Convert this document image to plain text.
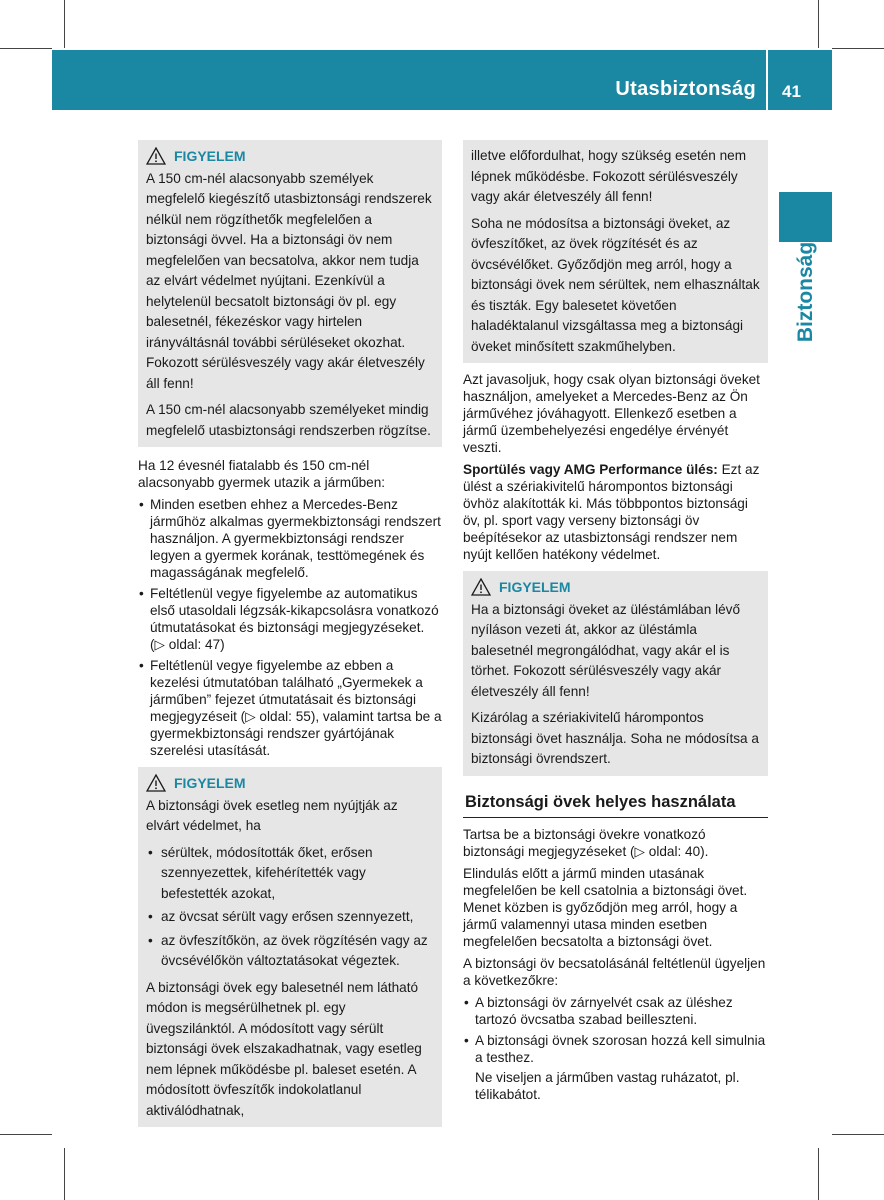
Utasbiztonság 41
Biztonság
FIGYELEM

A 150 cm-nél alacsonyabb személyek megfelelő kiegészítő utasbiztonsági rendszerek nélkül nem rögzíthetők megfelelően a biztonsági övvel. Ha a biztonsági öv nem megfelelően van becsatolva, akkor nem tudja az elvárt védelmet nyújtani. Ezenkívül a helytelenül becsatolt biztonsági öv pl. egy balesetnél, fékezéskor vagy hirtelen irányváltásnál további sérüléseket okozhat. Fokozott sérülésveszély vagy akár életveszély áll fenn!

A 150 cm-nél alacsonyabb személyeket mindig megfelelő utasbiztonsági rendszerben rögzítse.

Ha 12 évesnél fiatalabb és 150 cm-nél alacsonyabb gyermek utazik a járműben:

• Minden esetben ehhez a Mercedes-Benz járműhöz alkalmas gyermekbiztonsági rendszert használjon. A gyermekbiztonsági rendszer legyen a gyermek korának, testtömegének és magasságának megfelelő.
• Feltétlenül vegye figyelembe az automatikus első utasoldali légzsák-kikapcsolásra vonatkozó útmutatásokat és biztonsági megjegyzéseket. (▷ oldal: 47)
• Feltétlenül vegye figyelembe az ebben a kezelési útmutatóban található „Gyermekek a járműben” fejezet útmutatásait és biztonsági megjegyzéseit (▷ oldal: 55), valamint tartsa be a gyermekbiztonsági rendszer gyártójának szerelési utasítását.
FIGYELEM

A biztonsági övek esetleg nem nyújtják az elvárt védelmet, ha

• sérültek, módosították őket, erősen szennyezettek, kifehérítették vagy befestették azokat,
• az övcsat sérült vagy erősen szennyezett,
• az övfeszítőkön, az övek rögzítésén vagy az övcsévélőkön változtatásokat végeztek.

A biztonsági övek egy balesetnél nem látható módon is megsérülhetnek pl. egy üvegszilánktól. A módosított vagy sérült biztonsági övek elszakadhatnak, vagy esetleg nem lépnek működésbe pl. baleset esetén. A módosított övfeszítők indokolatlanul aktiválódhatnak,

illetve előfordulhat, hogy szükség esetén nem lépnek működésbe. Fokozott sérülésveszély vagy akár életveszély áll fenn!

Soha ne módosítsa a biztonsági öveket, az övfeszítőket, az övek rögzítését és az övcsévélőket. Győződjön meg arról, hogy a biztonsági övek nem sérültek, nem elhasználtak és tiszták. Egy balesetet követően haladéktalanul vizsgáltassa meg a biztonsági öveket minősített szakműhelyben.

Azt javasoljuk, hogy csak olyan biztonsági öveket használjon, amelyeket a Mercedes-Benz az Ön járművéhez jóváhagyott. Ellenkező esetben a jármű üzembehelyezési engedélye érvényét veszti.

Sportülés vagy AMG Performance ülés: Ezt az ülést a szériakivitelű hárompontos biztonsági övhöz alakították ki. Más többpontos biztonsági öv, pl. sport vagy verseny biztonsági öv beépítésekor az utasbiztonsági rendszer nem nyújt kellően hatékony védelmet.

FIGYELEM

Ha a biztonsági öveket az üléstámlában lévő nyíláson vezeti át, akkor az üléstámla balesetnél megrongálódhat, vagy akár el is törhet. Fokozott sérülésveszély vagy akár életveszély áll fenn!

Kizárólag a szériakivitelű hárompontos biztonsági övet használja. Soha ne módosítsa a biztonsági övrendszert.

Biztonsági övek helyes használata

Tartsa be a biztonsági övekre vonatkozó biztonsági megjegyzéseket (▷ oldal: 40).

Elindulás előtt a jármű minden utasának megfelelően be kell csatolnia a biztonsági övet. Menet közben is győződjön meg arról, hogy a jármű valamennyi utasa minden esetben megfelelően becsatolta a biztonsági övet.

A biztonsági öv becsatolásánál feltétlenül ügyeljen a következőkre:

• A biztonsági öv zárnyelvét csak az üléshez tartozó övcsatba szabad beilleszteni.
• A biztonsági övnek szorosan hozzá kell simulnia a testhez.
Ne viseljen a járműben vastag ruházatot, pl. télikabátot.
